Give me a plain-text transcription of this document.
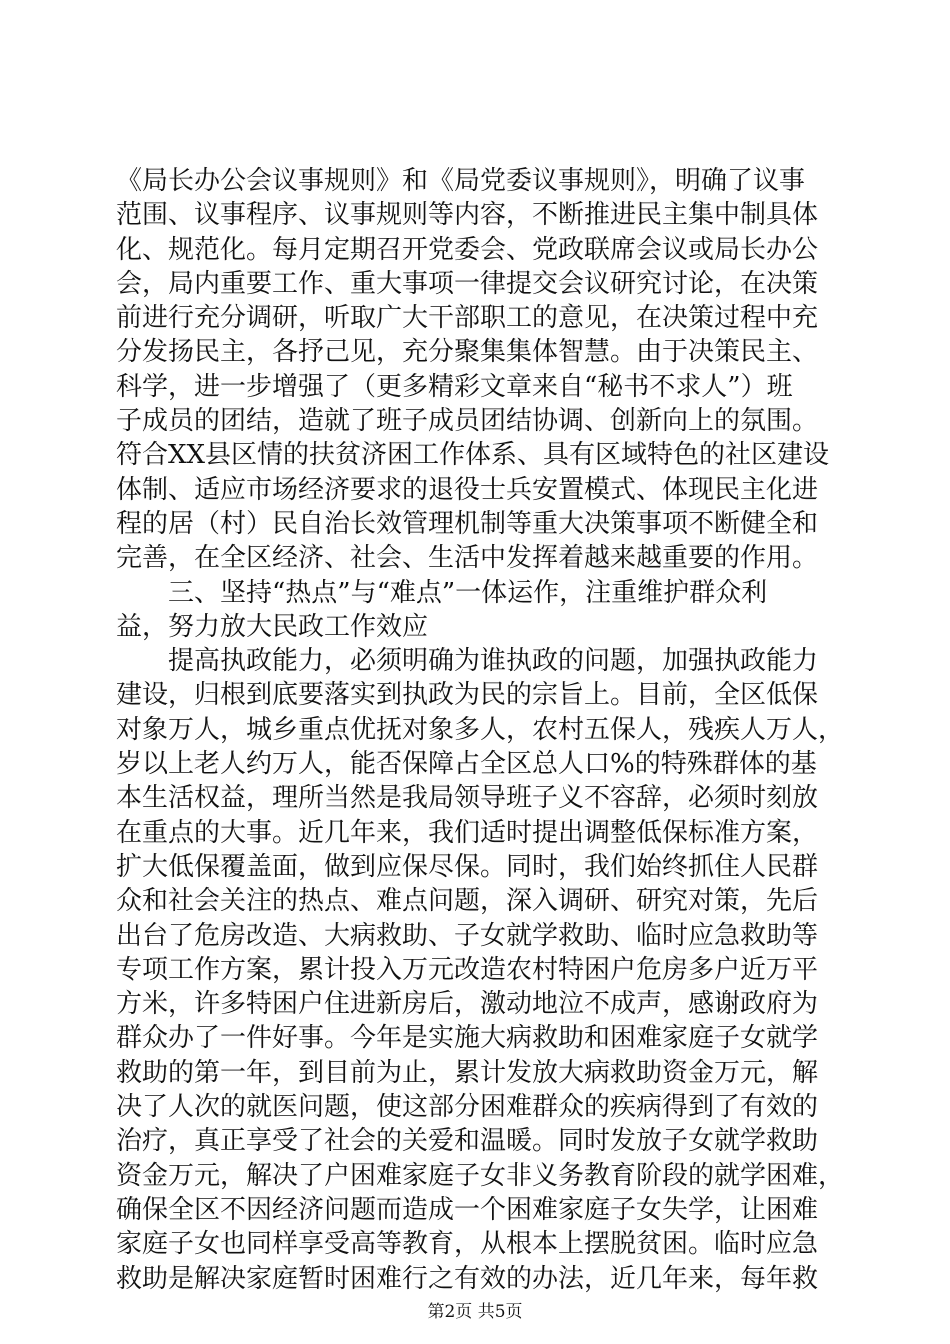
《局长办公会议事规则》和《局党委议事规则》，明确了议事
范围、议事程序、议事规则等内容，不断推进民主集中制具体
化、规范化。每月定期召开党委会、党政联席会议或局长办公
会，局内重要工作、重大事项一律提交会议研究讨论，在决策
前进行充分调研，听取广大干部职工的意见，在决策过程中充
分发扬民主，各抒己见，充分聚集集体智慧。由于决策民主、
科学，进一步增强了（更多精彩文章来自“秘书不求人”）班
子成员的团结，造就了班子成员团结协调、创新向上的氛围。
符合XX县区情的扶贫济困工作体系、具有区域特色的社区建设
体制、适应市场经济要求的退役士兵安置模式、体现民主化进
程的居（村）民自治长效管理机制等重大决策事项不断健全和
完善，在全区经济、社会、生活中发挥着越来越重要的作用。
　　三、坚持“热点”与“难点”一体运作，注重维护群众利
益，努力放大民政工作效应
　　提高执政能力，必须明确为谁执政的问题，加强执政能力
建设，归根到底要落实到执政为民的宗旨上。目前，全区低保
对象万人，城乡重点优抚对象多人，农村五保人，残疾人万人，
岁以上老人约万人，能否保障占全区总人口%的特殊群体的基
本生活权益，理所当然是我局领导班子义不容辞，必须时刻放
在重点的大事。近几年来，我们适时提出调整低保标准方案，
扩大低保覆盖面，做到应保尽保。同时，我们始终抓住人民群
众和社会关注的热点、难点问题，深入调研、研究对策，先后
出台了危房改造、大病救助、子女就学救助、临时应急救助等
专项工作方案，累计投入万元改造农村特困户危房多户近万平
方米，许多特困户住进新房后，激动地泣不成声，感谢政府为
群众办了一件好事。今年是实施大病救助和困难家庭子女就学
救助的第一年，到目前为止，累计发放大病救助资金万元，解
决了人次的就医问题，使这部分困难群众的疾病得到了有效的
治疗，真正享受了社会的关爱和温暖。同时发放子女就学救助
资金万元，解决了户困难家庭子女非义务教育阶段的就学困难，
确保全区不因经济问题而造成一个困难家庭子女失学，让困难
家庭子女也同样享受高等教育，从根本上摆脱贫困。临时应急
救助是解决家庭暂时困难行之有效的办法，近几年来，每年救
第2页 共5页
